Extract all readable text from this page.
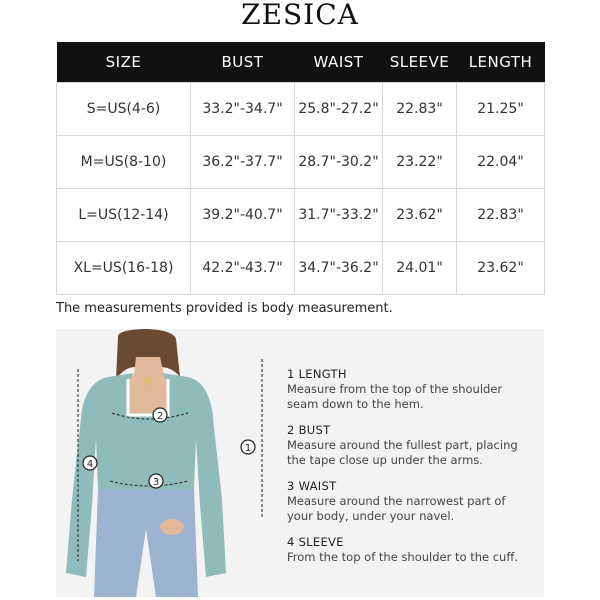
ZESICA
SIZE	BUST	WAIST	SLEEVE	LENGTH
S=US(4-6)	33.2"-34.7"	25.8"-27.2"	22.83"	21.25"
M=US(8-10)	36.2"-37.7"	28.7"-30.2"	23.22"	22.04"
L=US(12-14)	39.2"-40.7"	31.7"-33.2"	23.62"	22.83"
XL=US(16-18)	42.2"-43.7"	34.7"-36.2"	24.01"	23.62"
The measurements provided is body measurement.
2
3
4
1
1 LENGTH
Measure from the top of the shoulder
seam down to the hem.
2 BUST
Measure around the fullest part, placing
the tape close up under the arms.
3 WAIST
Measure around the narrowest part of
your body, under your navel.
4 SLEEVE
From the top of the shoulder to the cuff.
